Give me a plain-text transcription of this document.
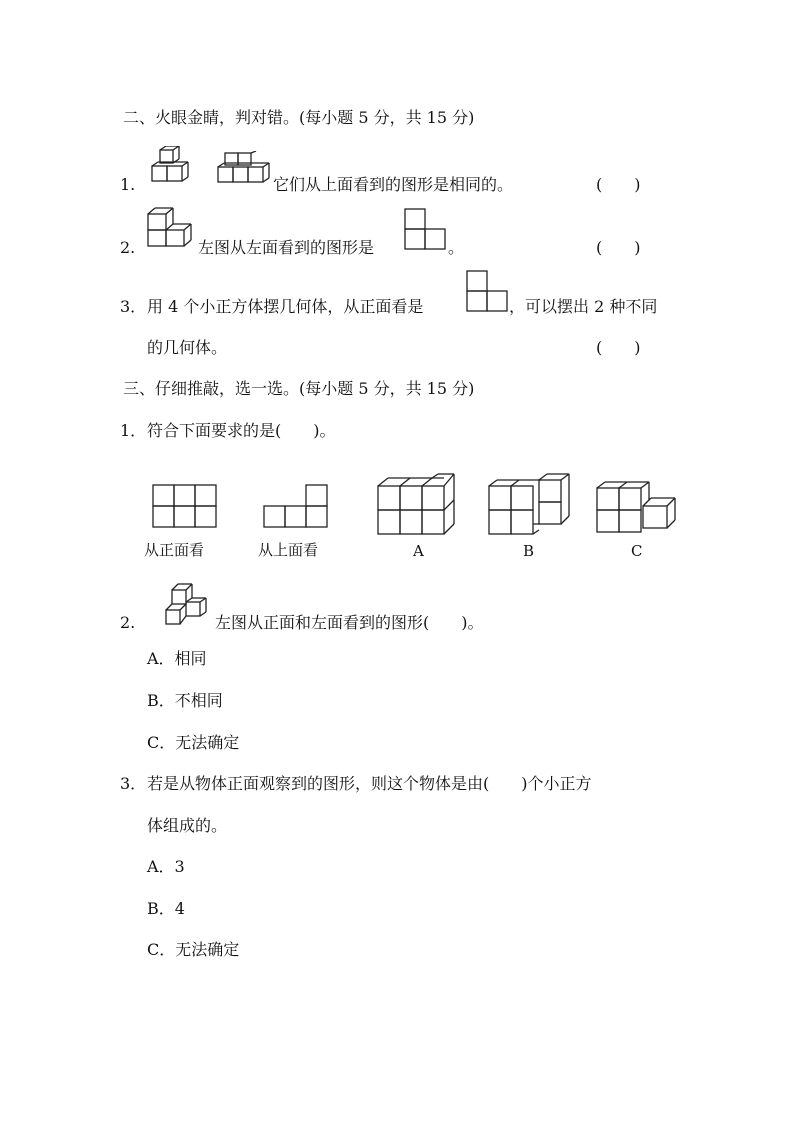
二、火眼金睛，判对错。(每小题 5 分，共 15 分)
1.	它们从上面看到的图形是相同的。	(　　)
2.	左图从左面看到的图形是	。	(　　)
3． 用 4 个小正方体摆几何体，从正面看是	，可以摆出 2 种不同
的几何体。	(　　)
三、仔细推敲，选一选。(每小题 5 分，共 15 分)
1． 符合下面要求的是(　　)。
从正面看	从上面看	A	B	C
2.	左图从正面和左面看到的图形(　　)。
A．相同
B．不相同
C．无法确定
3． 若是从物体正面观察到的图形，则这个物体是由(　　)个小正方
体组成的。
A．3
B．4
C．无法确定
